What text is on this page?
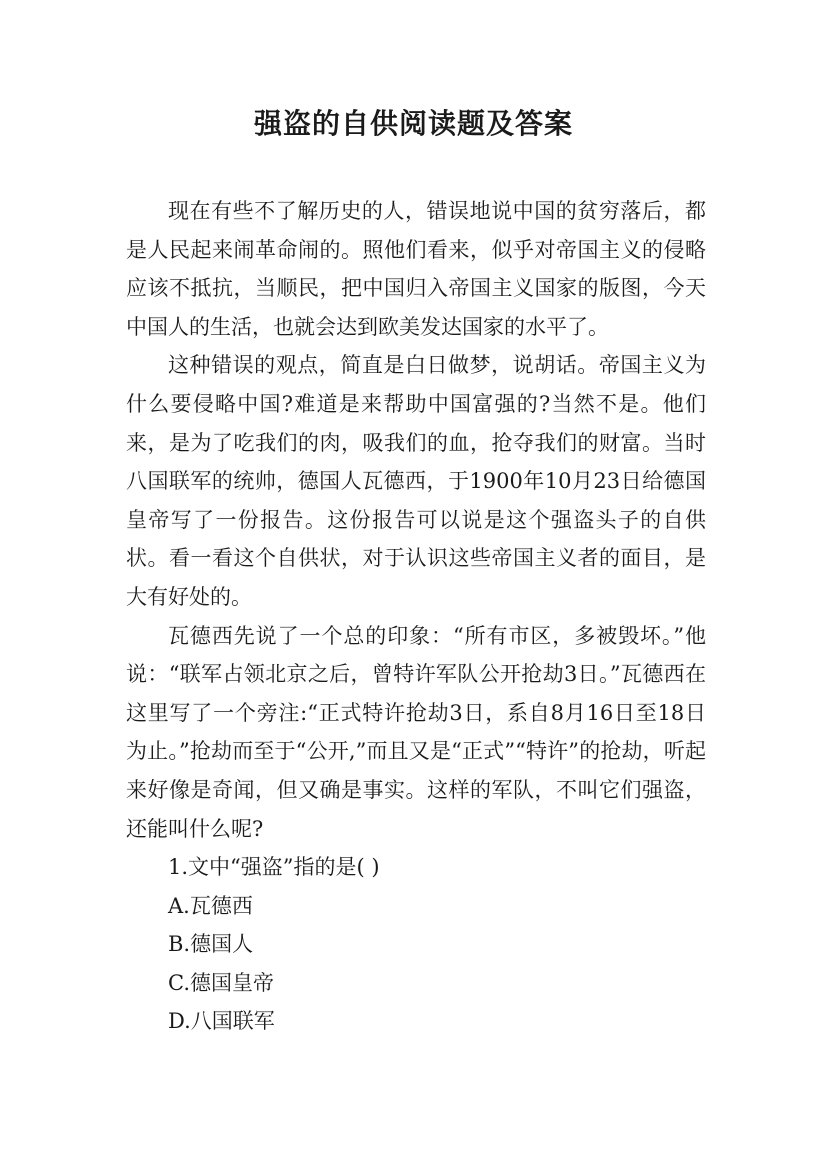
强盗的自供阅读题及答案

现在有些不了解历史的人，错误地说中国的贫穷落后，都是人民起来闹革命闹的。照他们看来，似乎对帝国主义的侵略应该不抵抗，当顺民，把中国归入帝国主义国家的版图，今天中国人的生活，也就会达到欧美发达国家的水平了。

这种错误的观点，简直是白日做梦，说胡话。帝国主义为什么要侵略中国?难道是来帮助中国富强的?当然不是。他们来，是为了吃我们的肉，吸我们的血，抢夺我们的财富。当时八国联军的统帅，德国人瓦德西，于1900年10月23日给德国皇帝写了一份报告。这份报告可以说是这个强盗头子的自供状。看一看这个自供状，对于认识这些帝国主义者的面目，是大有好处的。

瓦德西先说了一个总的印象：“所有市区，多被毁坏。”他说：“联军占领北京之后，曾特许军队公开抢劫3日。”瓦德西在这里写了一个旁注:“正式特许抢劫3日，系自8月16日至18日为止。”抢劫而至于“公开,”而且又是“正式”“特许”的抢劫，听起来好像是奇闻，但又确是事实。这样的军队，不叫它们强盗，还能叫什么呢?

1.文中“强盗”指的是( )

A.瓦德西

B.德国人

C.德国皇帝

D.八国联军
